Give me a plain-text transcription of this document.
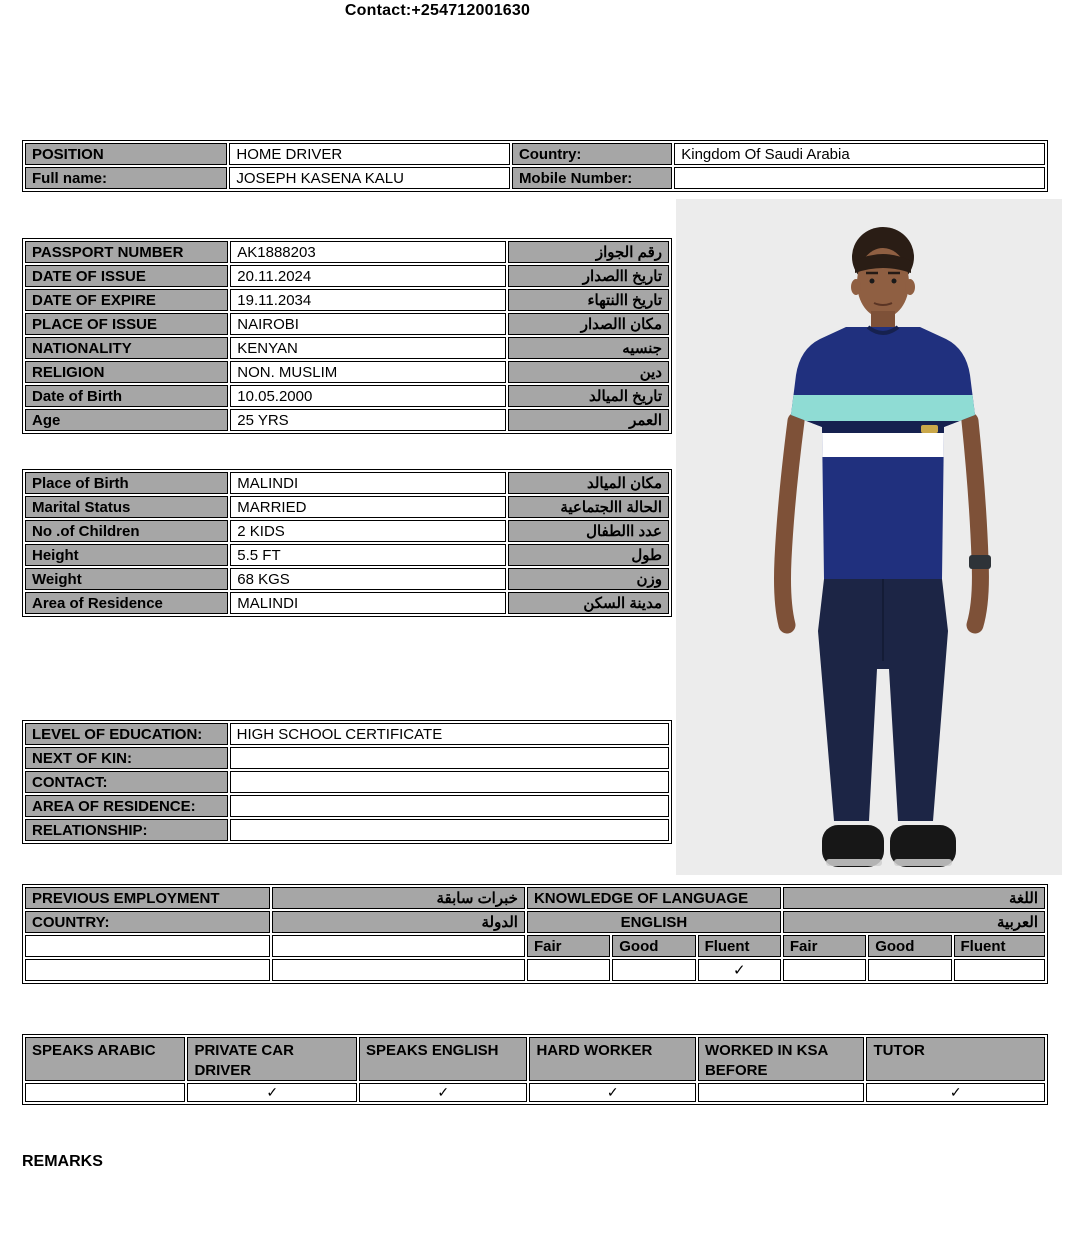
Contact:+254712001630
POSITION	HOME DRIVER	Country:	Kingdom Of Saudi Arabia
Full name:	JOSEPH KASENA KALU	Mobile Number:	
PASSPORT NUMBER	AK1888203	رقم الجواز
DATE OF ISSUE	20.11.2024	تاريخ االصدار
DATE OF EXPIRE	19.11.2034	تاريخ االنتهاء
PLACE OF ISSUE	NAIROBI	مكان االصدار
NATIONALITY	KENYAN	جنسيه
RELIGION	NON. MUSLIM	دين
Date of Birth	10.05.2000	تاريخ الميالد
Age	25 YRS	العمر
Place of Birth	MALINDI	مكان الميالد
Marital Status	MARRIED	الحالة االجتماعية
No .of Children	2 KIDS	عدد االطفال
Height	5.5 FT	طول
Weight	68 KGS	وزن
Area of Residence	MALINDI	مدينة السكن
LEVEL OF EDUCATION:	HIGH SCHOOL CERTIFICATE
NEXT OF KIN:	
CONTACT:	
AREA OF RESIDENCE:	
RELATIONSHIP:	
PREVIOUS EMPLOYMENT	خبرات سابقة	KNOWLEDGE OF LANGUAGE			اللغة		
COUNTRY:	الدولة	ENGLISH			العربية		
		Fair	Good	Fluent	Fair	Good	Fluent
				✓			
SPEAKS ARABIC	PRIVATE CAR DRIVER	SPEAKS ENGLISH	HARD WORKER	WORKED IN KSA BEFORE	TUTOR
	✓	✓	✓		✓
REMARKS
